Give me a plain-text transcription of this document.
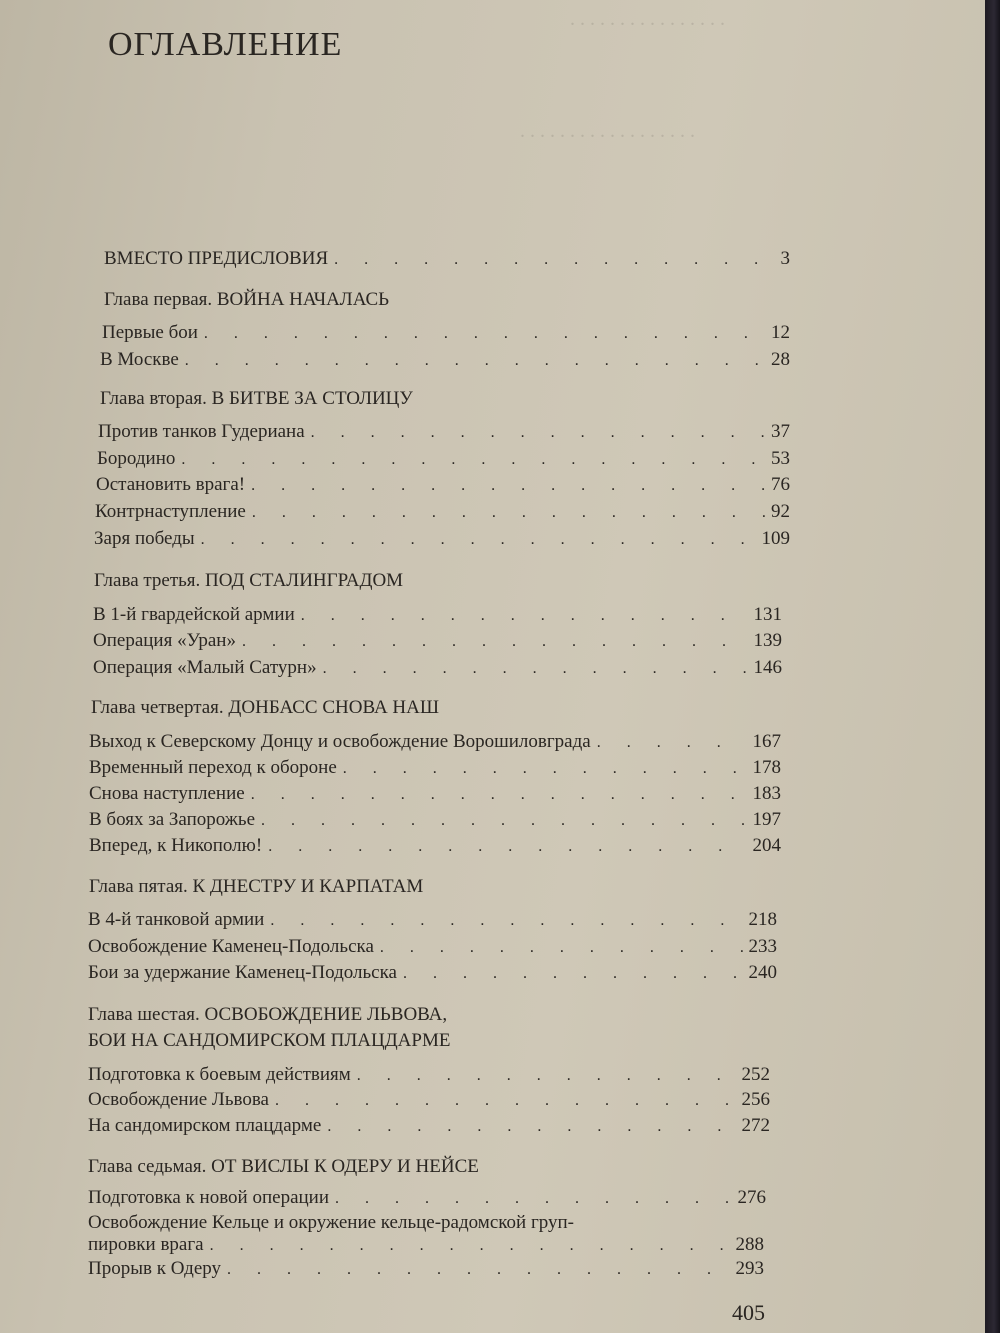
. . . . . . . . . . . . . . . .
. . . . . . . . . . . . . . . . . .
ОГЛАВЛЕНИЕ
ВМЕСТО ПРЕДИСЛОВИЯ . . .	3
Глава первая. ВОЙНА НАЧАЛАСЬ
Первые бои . . .	12
В Москве . . .	28
Глава вторая. В БИТВЕ ЗА СТОЛИЦУ
Против танков Гудериана . . .	37
Бородино . . .	53
Остановить врага! . . .	76
Контрнаступление . . .	92
Заря победы . . .	109
Глава третья. ПОД СТАЛИНГРАДОМ
В 1-й гвардейской армии . . .	131
Операция «Уран» . . .	139
Операция «Малый Сатурн» . . .	146
Глава четвертая. ДОНБАСС СНОВА НАШ
Выход к Северскому Донцу и освобождение Ворошиловграда . . .	167
Временный переход к обороне . . .	178
Снова наступление . . .	183
В боях за Запорожье . . .	197
Вперед, к Никополю! . . .	204
Глава пятая. К ДНЕСТРУ И КАРПАТАМ
В 4-й танковой армии . . .	218
Освобождение Каменец-Подольска . . .	233
Бои за удержание Каменец-Подольска . . .	240
Глава шестая. ОСВОБОЖДЕНИЕ ЛЬВОВА,
БОИ НА САНДОМИРСКОМ ПЛАЦДАРМЕ
Подготовка к боевым действиям . . .	252
Освобождение Львова . . .	256
На сандомирском плацдарме . . .	272
Глава седьмая. ОТ ВИСЛЫ К ОДЕРУ И НЕЙСЕ
Подготовка к новой операции . . .	276
Освобождение Кельце и окружение кельце-радомской груп-
пировки врага . . .	288
Прорыв к Одеру . . .	293
405
